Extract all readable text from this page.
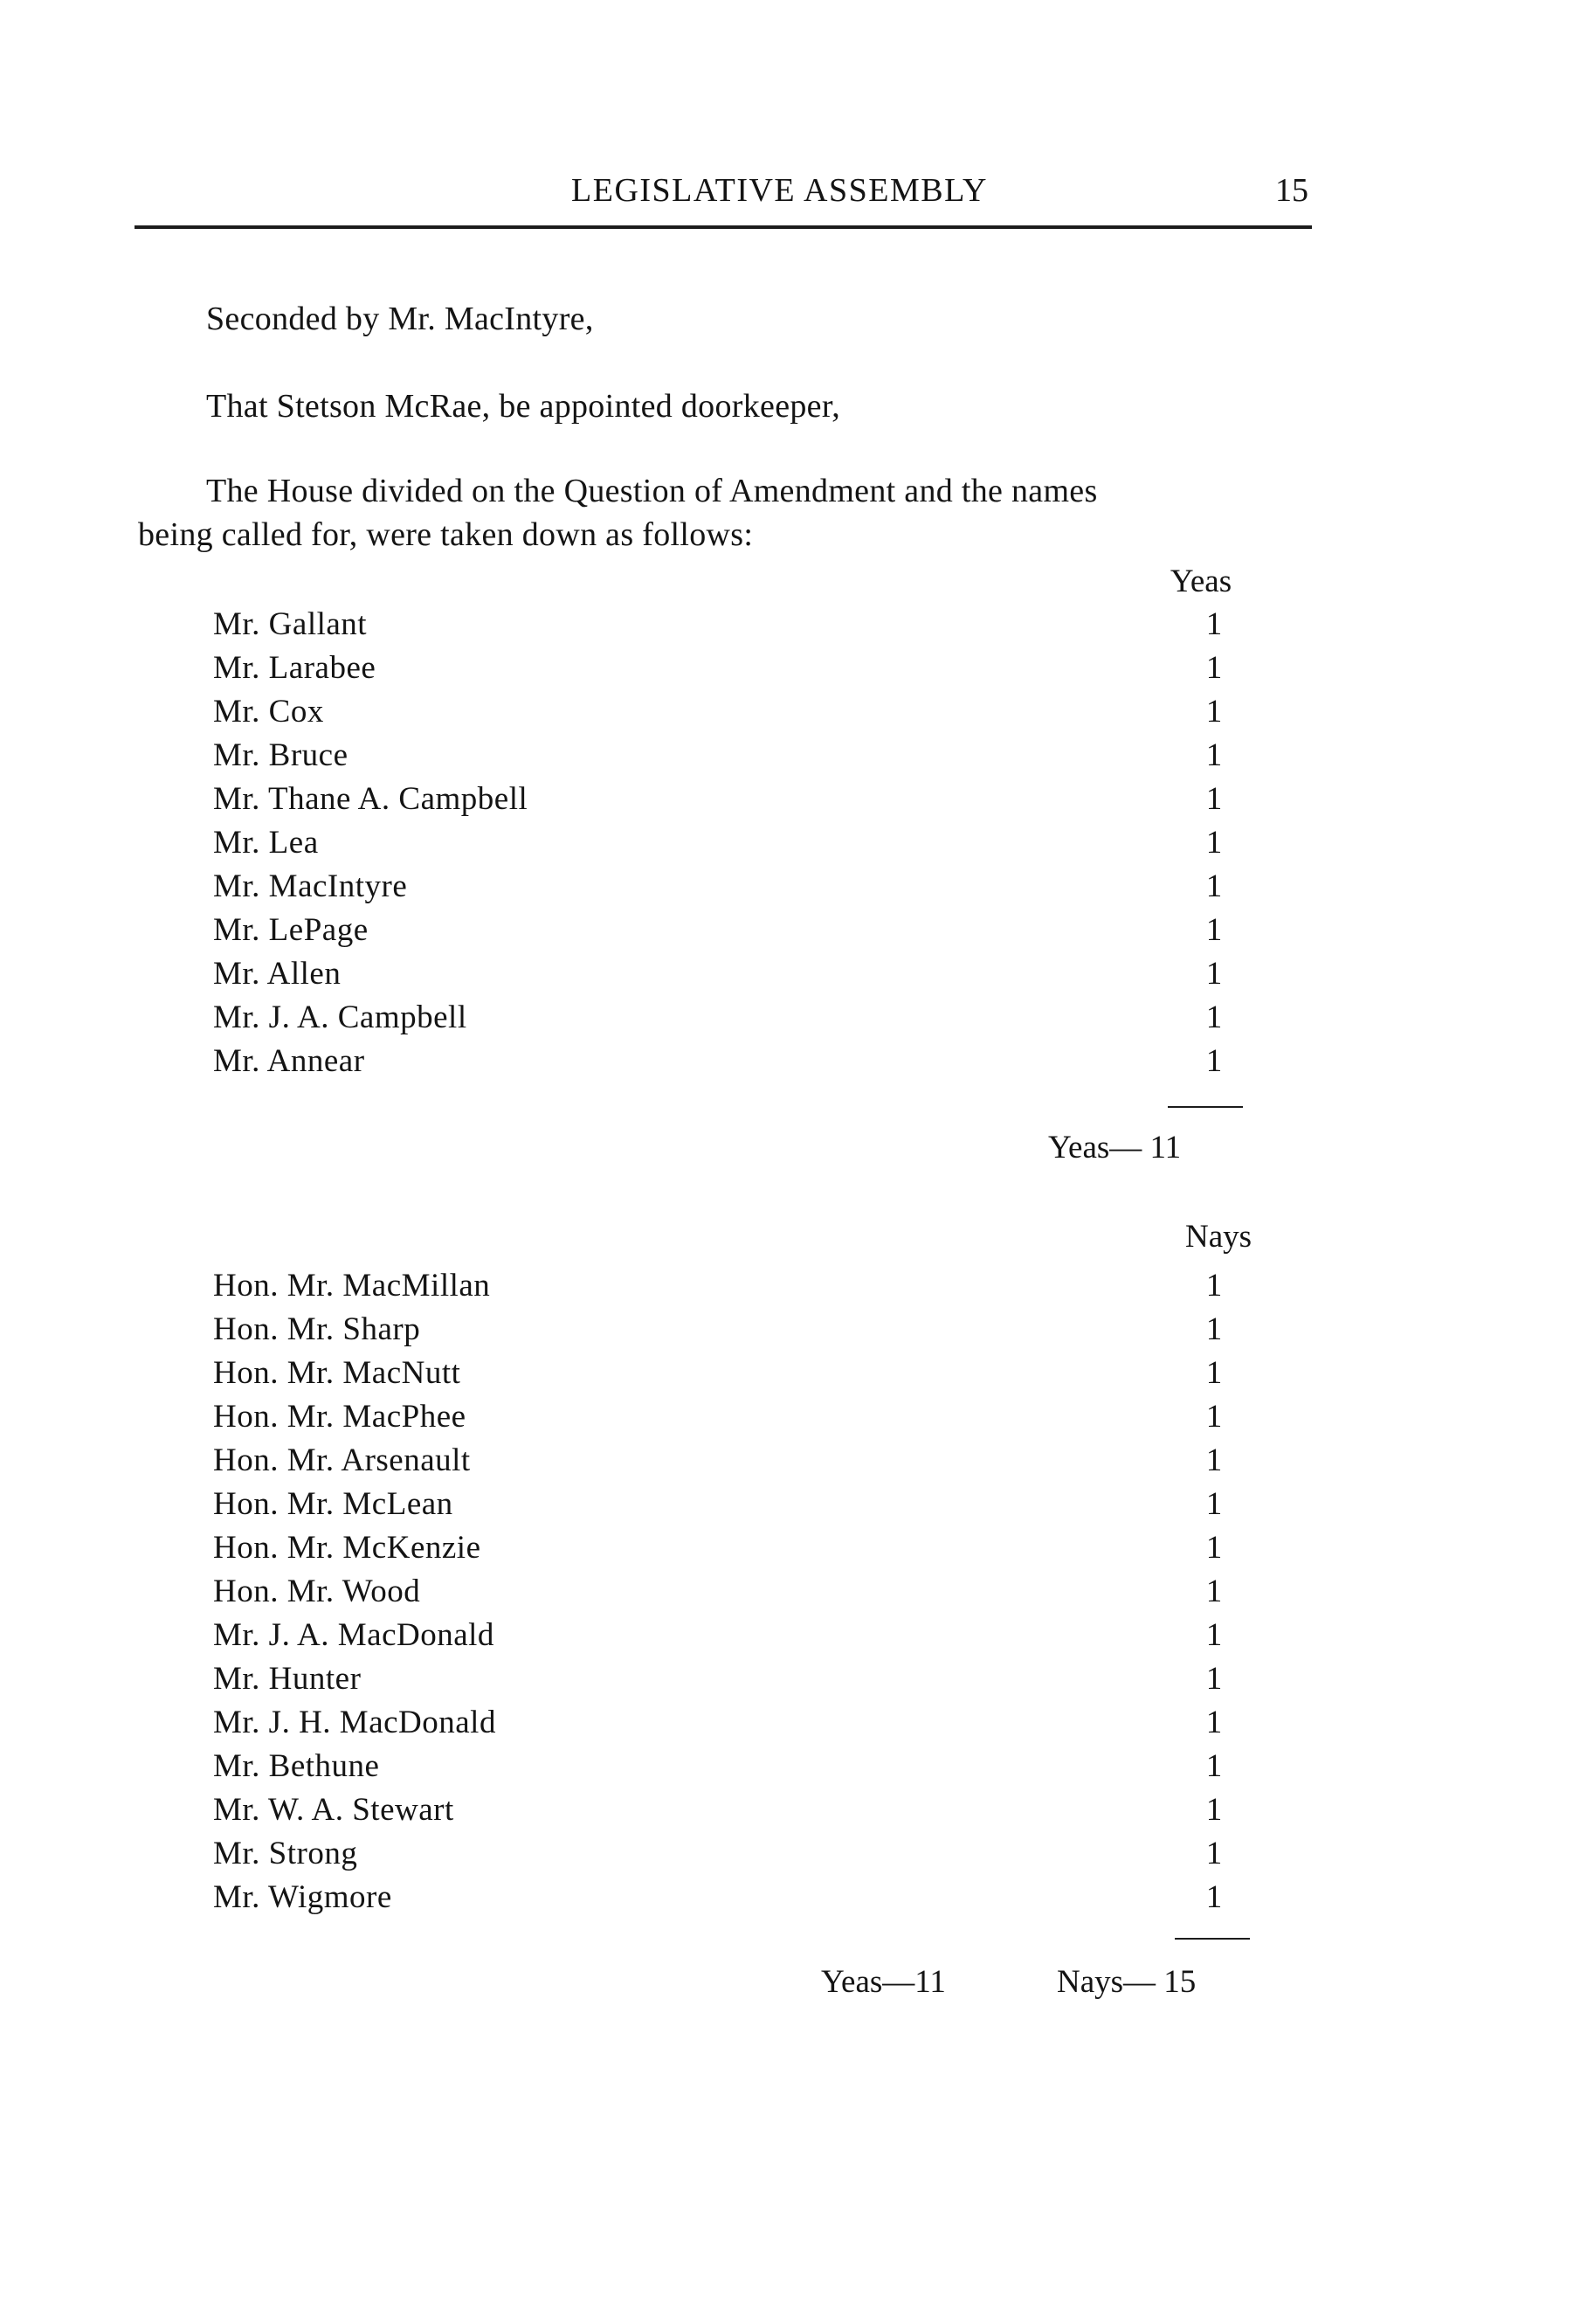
LEGISLATIVE ASSEMBLY	15
Seconded by Mr. MacIntyre,
That Stetson McRae, be appointed doorkeeper,
The House divided on the Question of Amendment and the names
being called for, were taken down as follows:
Yeas
Mr. Gallant	1
Mr. Larabee	1
Mr. Cox	1
Mr. Bruce	1
Mr. Thane A. Campbell	1
Mr. Lea	1
Mr. MacIntyre	1
Mr. LePage	1
Mr. Allen	1
Mr. J. A. Campbell	1
Mr. Annear	1
Yeas— 11
Nays
Hon. Mr. MacMillan	1
Hon. Mr. Sharp	1
Hon. Mr. MacNutt	1
Hon. Mr. MacPhee	1
Hon. Mr. Arsenault	1
Hon. Mr. McLean	1
Hon. Mr. McKenzie	1
Hon. Mr. Wood	1
Mr. J. A. MacDonald	1
Mr. Hunter	1
Mr. J. H. MacDonald	1
Mr. Bethune	1
Mr. W. A. Stewart	1
Mr. Strong	1
Mr. Wigmore	1
Yeas—11	Nays— 15
